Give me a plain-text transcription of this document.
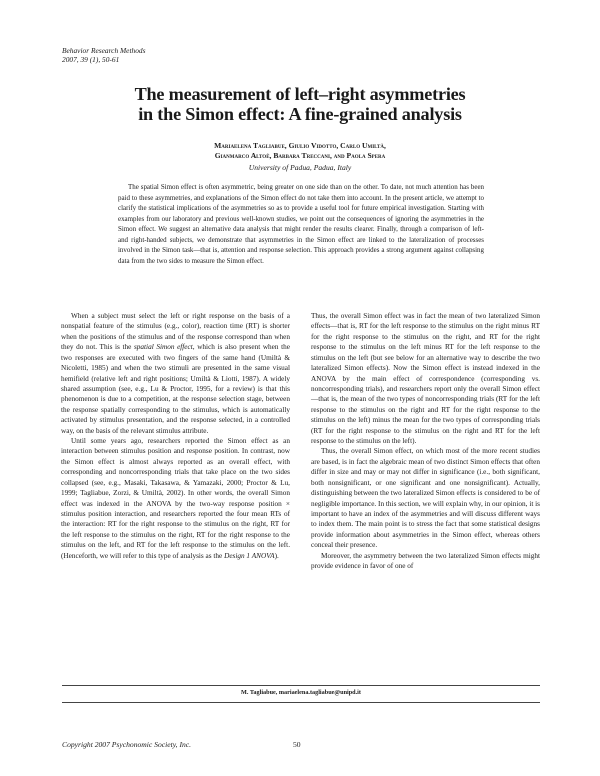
Behavior Research Methods
2007, 39 (1), 50-61
The measurement of left–right asymmetries
in the Simon effect: A fine-grained analysis
Mariaelena Tagliabue, Giulio Vidotto, Carlo Umiltà,
Gianmarco Altoè, Barbara Treccani, and Paola Spera
University of Padua, Padua, Italy

The spatial Simon effect is often asymmetric, being greater on one side than on the other. To date, not much attention has been paid to these asymmetries, and explanations of the Simon effect do not take them into account. In the present article, we attempt to clarify the statistical implications of the asymmetries so as to provide a useful tool for future empirical investigation. Starting with examples from our laboratory and previous well-known studies, we point out the consequences of ignoring the asymmetries in the Simon effect. We suggest an alternative data analysis that might render the results clearer. Finally, through a comparison of left- and right-handed subjects, we demonstrate that asymmetries in the Simon effect are linked to the lateralization of processes involved in the Simon task—that is, attention and response selection. This approach provides a strong argument against collapsing data from the two sides to measure the Simon effect.

When a subject must select the left or right response on the basis of a nonspatial feature of the stimulus (e.g., color), reaction time (RT) is shorter when the positions of the stimulus and of the response correspond than when they do not. This is the spatial Simon effect, which is also present when the two responses are executed with two fingers of the same hand (Umiltà & Nicoletti, 1985) and when the two stimuli are presented in the same visual hemifield (relative left and right positions; Umiltà & Liotti, 1987). A widely shared assumption (see, e.g., Lu & Proctor, 1995, for a review) is that this phenomenon is due to a competition, at the response selection stage, between the response spatially corresponding to the stimulus, which is automatically activated by stimulus presentation, and the response selected, in a controlled way, on the basis of the relevant stimulus attribute.

Until some years ago, researchers reported the Simon effect as an interaction between stimulus position and response position. In contrast, now the Simon effect is almost always reported as an overall effect, with corresponding and noncorresponding trials that take place on the two sides collapsed (see, e.g., Masaki, Takasawa, & Yamazaki, 2000; Proctor & Lu, 1999; Tagliabue, Zorzi, & Umiltà, 2002). In other words, the overall Simon effect was indexed in the ANOVA by the two-way response position × stimulus position interaction, and researchers reported the four mean RTs of the interaction: RT for the right response to the stimulus on the right, RT for the left response to the stimulus on the right, RT for the right response to the stimulus on the left, and RT for the left response to the stimulus on the left. (Henceforth, we will refer to this type of analysis as the Design 1 ANOVA).

Thus, the overall Simon effect was in fact the mean of two lateralized Simon effects—that is, RT for the left response to the stimulus on the right minus RT for the right response to the stimulus on the right, and RT for the right response to the stimulus on the left minus RT for the left response to the stimulus on the left (but see below for an alternative way to describe the two lateralized Simon effects). Now the Simon effect is instead indexed in the ANOVA by the main effect of correspondence (corresponding vs. noncorresponding trials), and researchers report only the overall Simon effect—that is, the mean of the two types of noncorresponding trials (RT for the left response to the stimulus on the right and RT for the right response to the stimulus on the left) minus the mean for the two types of corresponding trials (RT for the right response to the stimulus on the right and RT for the left response to the stimulus on the left).

Thus, the overall Simon effect, on which most of the more recent studies are based, is in fact the algebraic mean of two distinct Simon effects that often differ in size and may or may not differ in significance (i.e., both significant, both nonsignificant, or one significant and one nonsignificant). Actually, distinguishing between the two lateralized Simon effects is considered to be of negligible importance. In this section, we will explain why, in our opinion, it is important to have an index of the asymmetries and will discuss different ways to index them. The main point is to stress the fact that some statistical designs provide information about asymmetries in the Simon effect, whereas others conceal their presence.

Moreover, the asymmetry between the two lateralized Simon effects might provide evidence in favor of one of

M. Tagliabue, mariaelena.tagliabue@unipd.it
Copyright 2007 Psychonomic Society, Inc.	50
